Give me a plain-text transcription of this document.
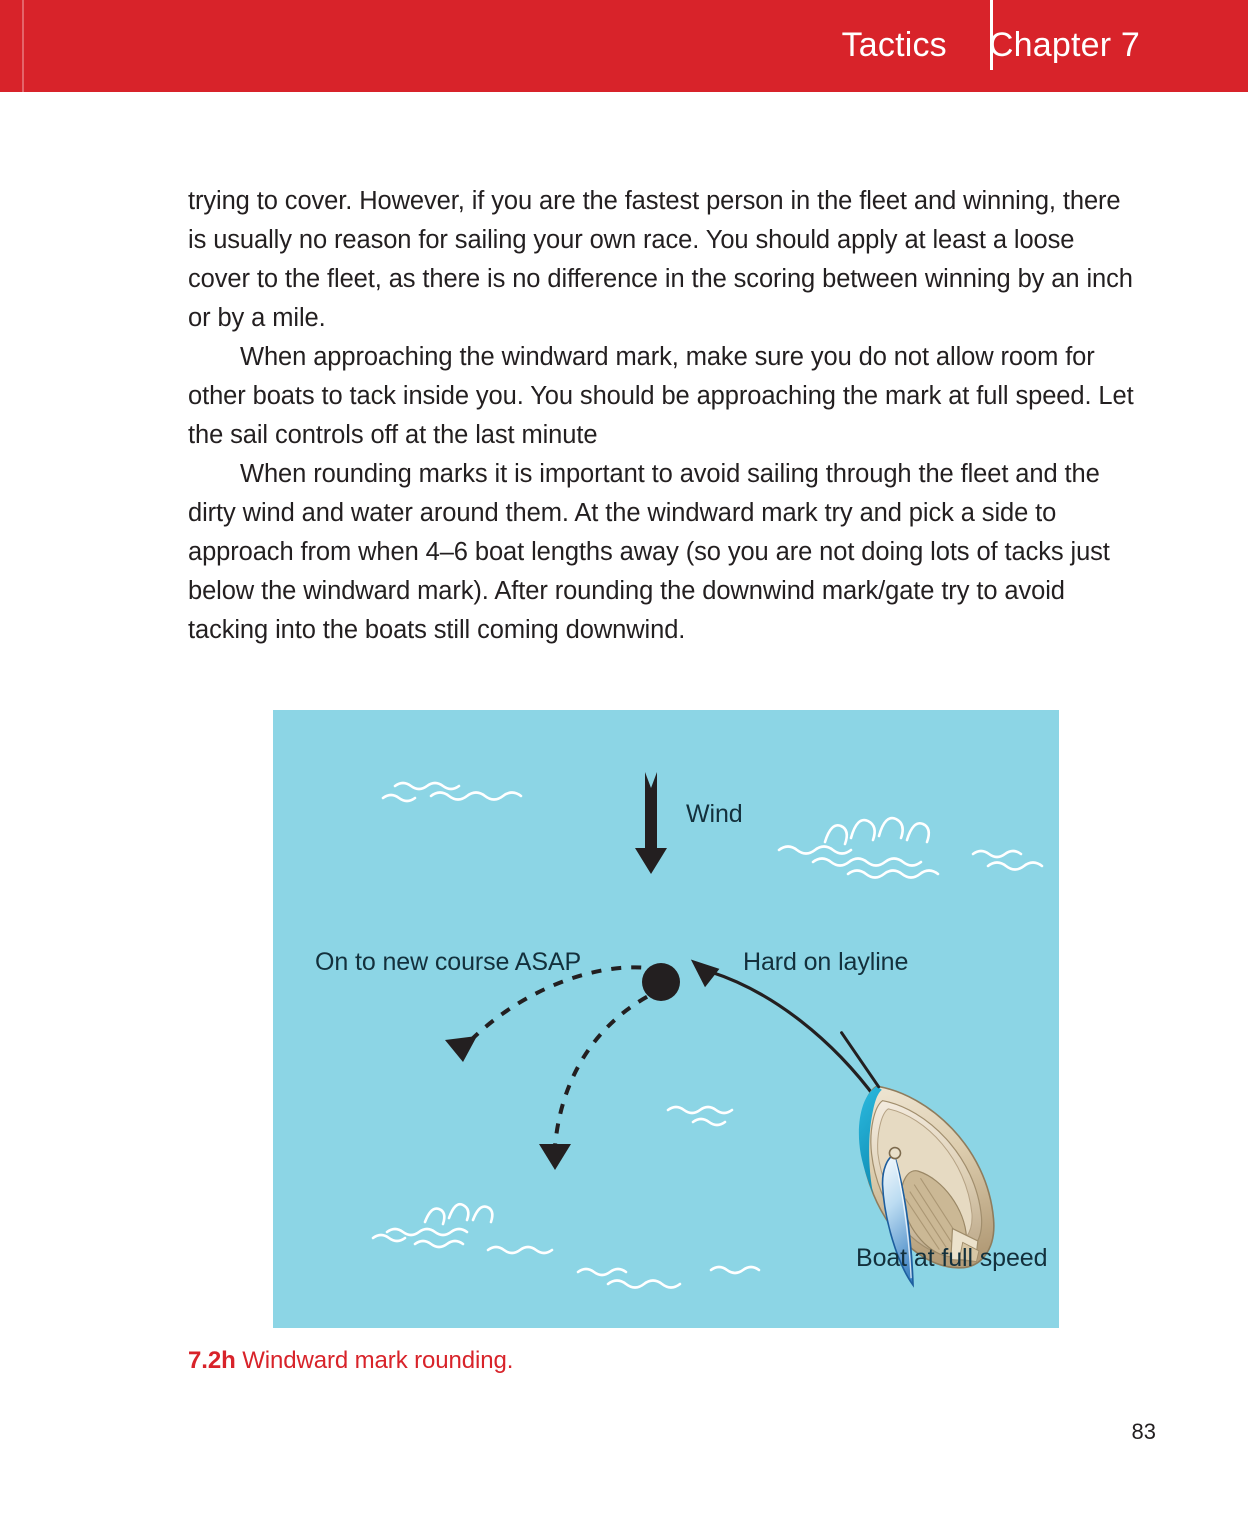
Tactics	Chapter 7

trying to cover. However, if you are the fastest person in the fleet and winning, there is usually no reason for sailing your own race. You should apply at least a loose cover to the fleet, as there is no difference in the scoring between winning by an inch or by a mile.

When approaching the windward mark, make sure you do not allow room for other boats to tack inside you. You should be approaching the mark at full speed. Let the sail controls off at the last minute

When rounding marks it is important to avoid sailing through the fleet and the dirty wind and water around them. At the windward mark try and pick a side to approach from when 4–6 boat lengths away (so you are not doing lots of tacks just below the windward mark). After rounding the downwind mark/gate try to avoid tacking into the boats still coming downwind.

Wind
On to new course ASAP	Hard on layline
Boat at full speed
7.2h Windward mark rounding.
83
